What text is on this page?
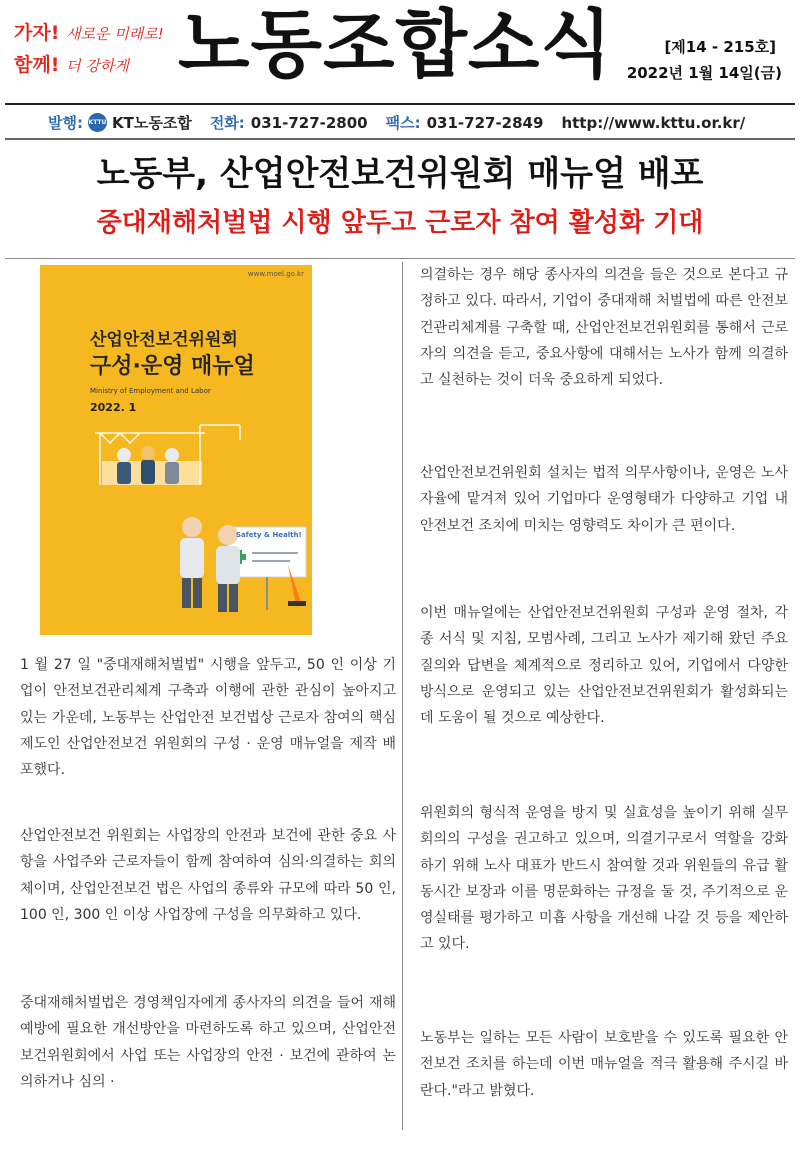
가자! 새로운 미래로!
함께! 더 강하게 노동조합소식	[제14 - 215호]
2022년 1월 14일(금)
발행: KTTU KT노동조합 전화: 031-727-2800 팩스: 031-727-2849 http://www.kttu.or.kr/
노동부, 산업안전보건위원회 매뉴얼 배포
중대재해처벌법 시행 앞두고 근로자 참여 활성화 기대
www.moel.go.kr
산업안전보건위원회
구성·운영 매뉴얼
Ministry of Employment and Labor
2022. 1
Safety & Health!
1 월 27 일 "중대재해처벌법" 시행을 앞두고, 50 인 이상 기업이 안전보건관리체계 구축과 이행에 관한 관심이 높아지고 있는 가운데, 노동부는 산업안전 보건법상 근로자 참여의 핵심 제도인 산업안전보건 위원회의 구성 · 운영 매뉴얼을 제작 배포했다.
산업안전보건 위원회는 사업장의 안전과 보건에 관한 중요 사항을 사업주와 근로자들이 함께 참여하여 심의·의결하는 회의체이며, 산업안전보건 법은 사업의 종류와 규모에 따라 50 인, 100 인, 300 인 이상 사업장에 구성을 의무화하고 있다.
중대재해처벌법은 경영책임자에게 종사자의 의견을 들어 재해예방에 필요한 개선방안을 마련하도록 하고 있으며, 산업안전보건위원회에서 사업 또는 사업장의 안전 · 보건에 관하여 논의하거나 심의 ·
의결하는 경우 해당 종사자의 의견을 들은 것으로 본다고 규정하고 있다. 따라서, 기업이 중대재해 처벌법에 따른 안전보건관리체계를 구축할 때, 산업안전보건위원회를 통해서 근로자의 의견을 듣고, 중요사항에 대해서는 노사가 함께 의결하고 실천하는 것이 더욱 중요하게 되었다.
산업안전보건위원회 설치는 법적 의무사항이나, 운영은 노사 자율에 맡겨져 있어 기업마다 운영형태가 다양하고 기업 내 안전보건 조치에 미치는 영향력도 차이가 큰 편이다.
이번 매뉴얼에는 산업안전보건위원회 구성과 운영 절차, 각종 서식 및 지침, 모범사례, 그리고 노사가 제기해 왔던 주요 질의와 답변을 체계적으로 정리하고 있어, 기업에서 다양한 방식으로 운영되고 있는 산업안전보건위원회가 활성화되는 데 도움이 될 것으로 예상한다.
위원회의 형식적 운영을 방지 및 실효성을 높이기 위해 실무회의의 구성을 권고하고 있으며, 의결기구로서 역할을 강화하기 위해 노사 대표가 반드시 참여할 것과 위원들의 유급 활동시간 보장과 이를 명문화하는 규정을 둘 것, 주기적으로 운영실태를 평가하고 미흡 사항을 개선해 나갈 것 등을 제안하고 있다.
노동부는 일하는 모든 사람이 보호받을 수 있도록 필요한 안전보건 조치를 하는데 이번 매뉴얼을 적극 활용해 주시길 바란다."라고 밝혔다.
